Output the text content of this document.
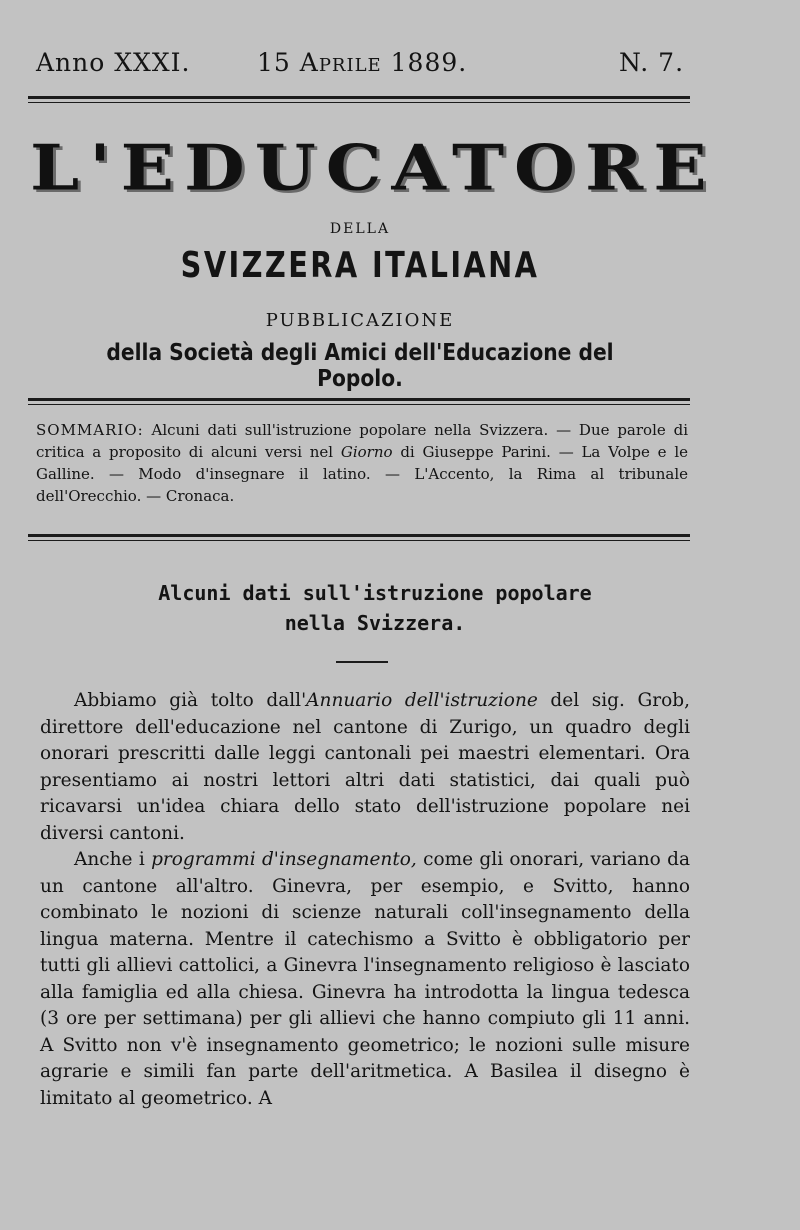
Anno XXXI.	15 Aprile 1889.	N. 7.
L'EDUCATORE
DELLA
SVIZZERA ITALIANA
PUBBLICAZIONE
della Società degli Amici dell'Educazione del Popolo.
SOMMARIO: Alcuni dati sull'istruzione popolare nella Svizzera. — Due parole di critica a proposito di alcuni versi nel Giorno di Giuseppe Parini. — La Volpe e le Galline. — Modo d'insegnare il latino. — L'Accento, la Rima al tribunale dell'Orecchio. — Cronaca.
Alcuni dati sull'istruzione popolare
nella Svizzera.

Abbiamo già tolto dall'Annuario dell'istruzione del sig. Grob, direttore dell'educazione nel cantone di Zurigo, un quadro degli onorari prescritti dalle leggi cantonali pei maestri elementari. Ora presentiamo ai nostri lettori altri dati statistici, dai quali può ricavarsi un'idea chiara dello stato dell'istruzione popolare nei diversi cantoni.

Anche i programmi d'insegnamento, come gli onorari, variano da un cantone all'altro. Ginevra, per esempio, e Svitto, hanno combinato le nozioni di scienze naturali coll'insegnamento della lingua materna. Mentre il catechismo a Svitto è obbligatorio per tutti gli allievi cattolici, a Ginevra l'insegnamento religioso è lasciato alla famiglia ed alla chiesa. Ginevra ha introdotta la lingua tedesca (3 ore per settimana) per gli allievi che hanno compiuto gli 11 anni. A Svitto non v'è insegnamento geometrico; le nozioni sulle misure agrarie e simili fan parte dell'aritmetica. A Basilea il disegno è limitato al geometrico. A
